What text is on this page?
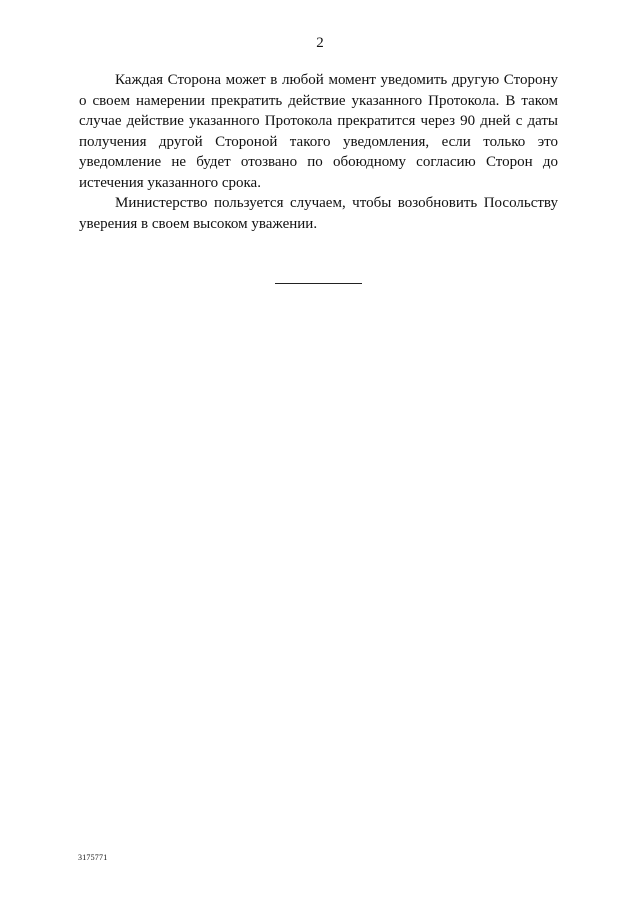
2

Каждая Сторона может в любой момент уведомить другую Сторону о своем намерении прекратить действие указанного Протокола. В таком случае действие указанного Протокола прекратится через 90 дней с даты получения другой Стороной такого уведомления, если только это уведомление не будет отозвано по обоюдному согласию Сторон до истечения указанного срока.

Министерство пользуется случаем, чтобы возобновить Посольству уверения в своем высоком уважении.

3175771
